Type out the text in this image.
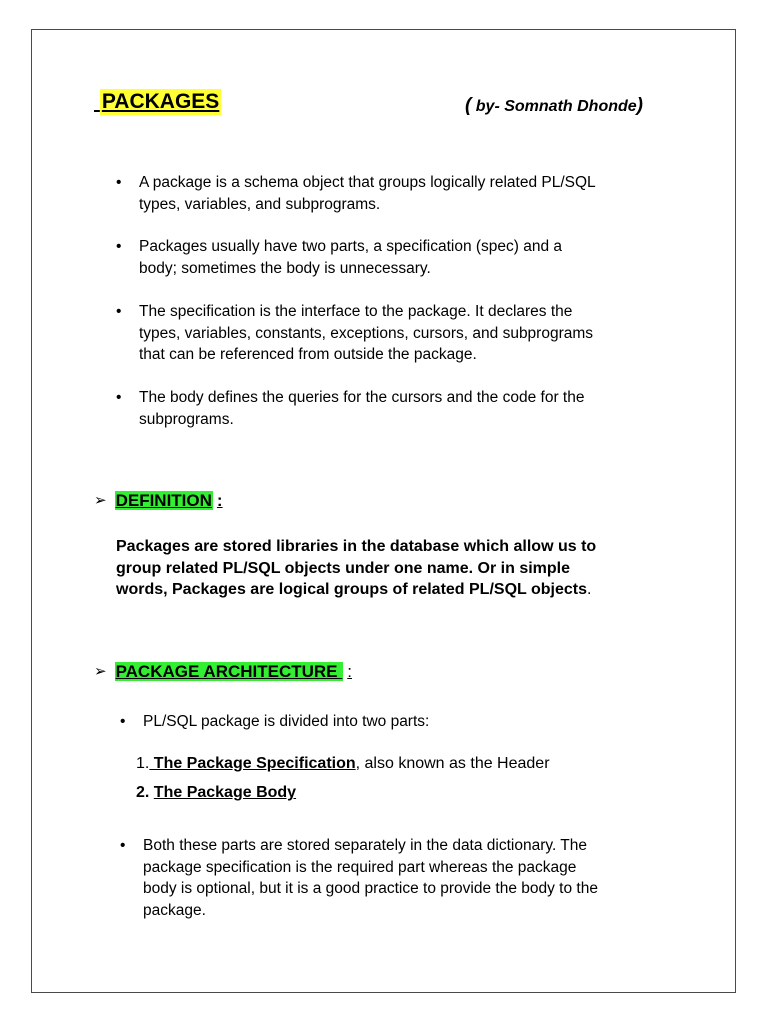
PACKAGES	( by- Somnath Dhonde)
• A package is a schema object that groups logically related PL/SQL
types, variables, and subprograms.
• Packages usually have two parts, a specification (spec) and a
body; sometimes the body is unnecessary.
• The specification is the interface to the package. It declares the
types, variables, constants, exceptions, cursors, and subprograms
that can be referenced from outside the package.
• The body defines the queries for the cursors and the code for the
subprograms.
➢ DEFINITION :
Packages are stored libraries in the database which allow us to
group related PL/SQL objects under one name. Or in simple
words, Packages are logical groups of related PL/SQL objects.
➢ PACKAGE ARCHITECTURE :
• PL/SQL package is divided into two parts:
1. The Package Specification, also known as the Header
2. The Package Body
• Both these parts are stored separately in the data dictionary. The
package specification is the required part whereas the package
body is optional, but it is a good practice to provide the body to the
package.
